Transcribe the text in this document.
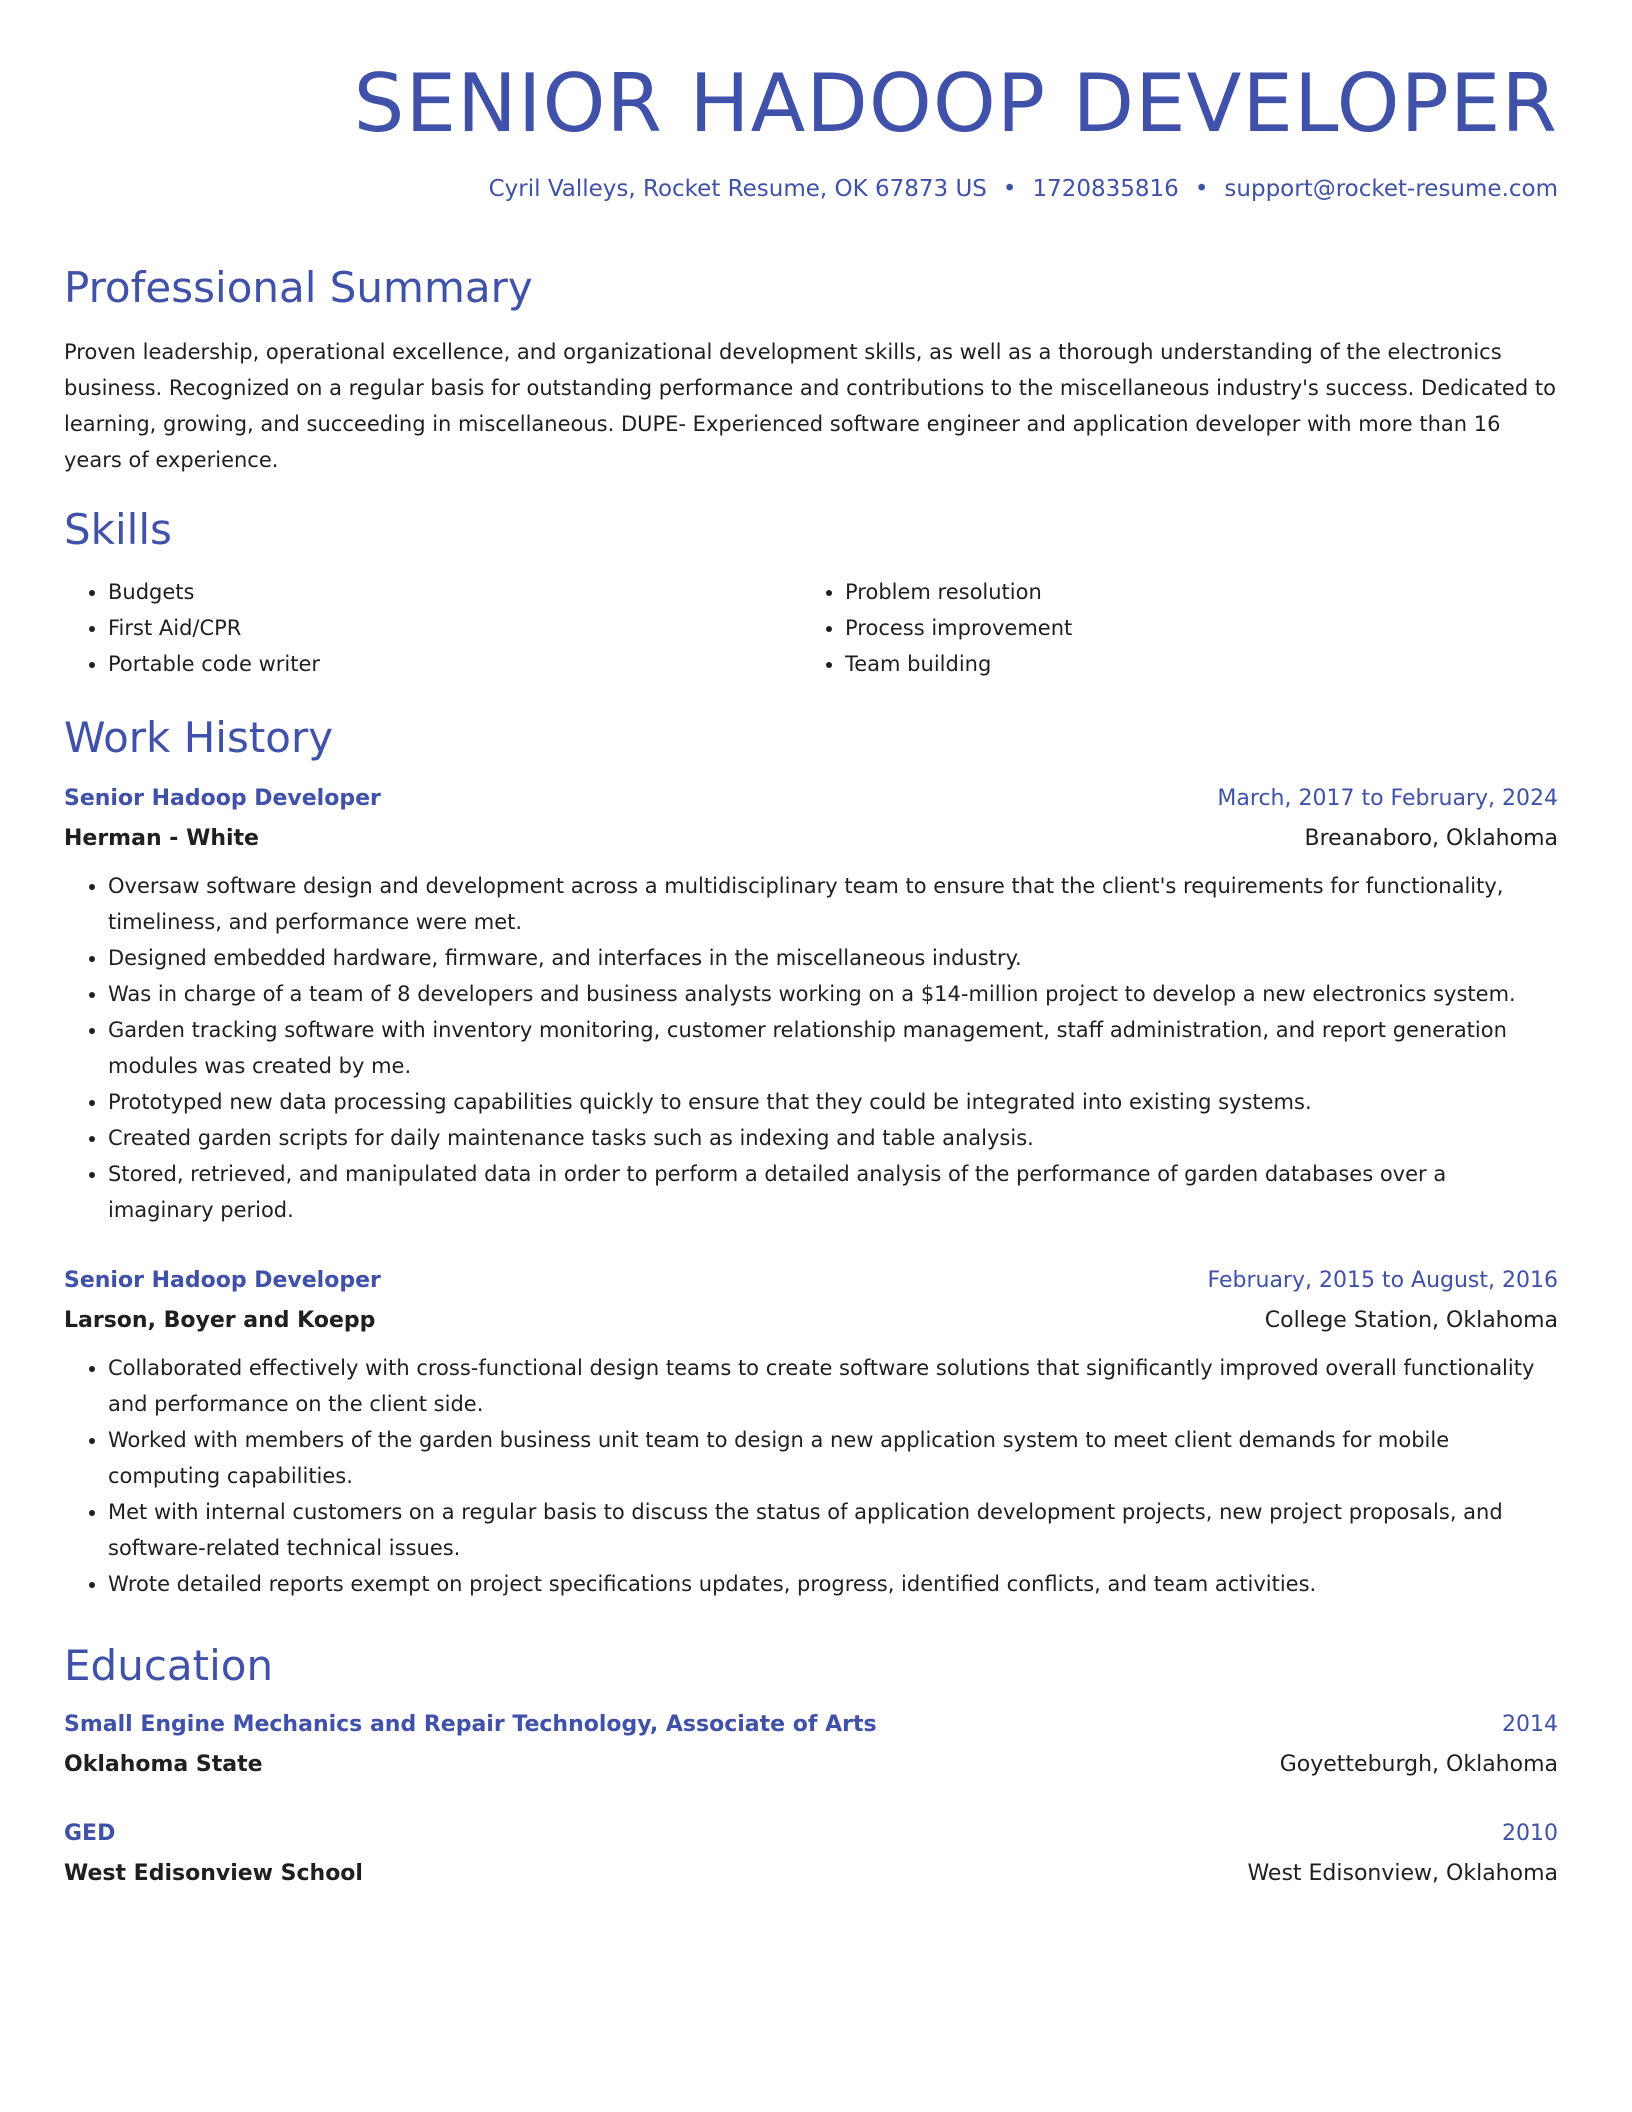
SENIOR HADOOP DEVELOPER
Cyril Valleys, Rocket Resume, OK 67873 US • 1720835816 • support@rocket-resume.com
Professional Summary
Proven leadership, operational excellence, and organizational development skills, as well as a thorough understanding of the electronics business. Recognized on a regular basis for outstanding performance and contributions to the miscellaneous industry's success. Dedicated to learning, growing, and succeeding in miscellaneous. DUPE- Experienced software engineer and application developer with more than 16 years of experience.
Skills
• Budgets
• First Aid/CPR
• Portable code writer
• Problem resolution
• Process improvement
• Team building
Work History
Senior Hadoop Developer	March, 2017 to February, 2024
Herman - White	Breanaboro, Oklahoma
• Oversaw software design and development across a multidisciplinary team to ensure that the client's requirements for functionality, timeliness, and performance were met.
• Designed embedded hardware, firmware, and interfaces in the miscellaneous industry.
• Was in charge of a team of 8 developers and business analysts working on a $14-million project to develop a new electronics system.
• Garden tracking software with inventory monitoring, customer relationship management, staff administration, and report generation modules was created by me.
• Prototyped new data processing capabilities quickly to ensure that they could be integrated into existing systems.
• Created garden scripts for daily maintenance tasks such as indexing and table analysis.
• Stored, retrieved, and manipulated data in order to perform a detailed analysis of the performance of garden databases over a imaginary period.
Senior Hadoop Developer	February, 2015 to August, 2016
Larson, Boyer and Koepp	College Station, Oklahoma
• Collaborated effectively with cross-functional design teams to create software solutions that significantly improved overall functionality and performance on the client side.
• Worked with members of the garden business unit team to design a new application system to meet client demands for mobile computing capabilities.
• Met with internal customers on a regular basis to discuss the status of application development projects, new project proposals, and software-related technical issues.
• Wrote detailed reports exempt on project specifications updates, progress, identified conflicts, and team activities.
Education
Small Engine Mechanics and Repair Technology, Associate of Arts	2014
Oklahoma State	Goyetteburgh, Oklahoma
GED	2010
West Edisonview School	West Edisonview, Oklahoma
